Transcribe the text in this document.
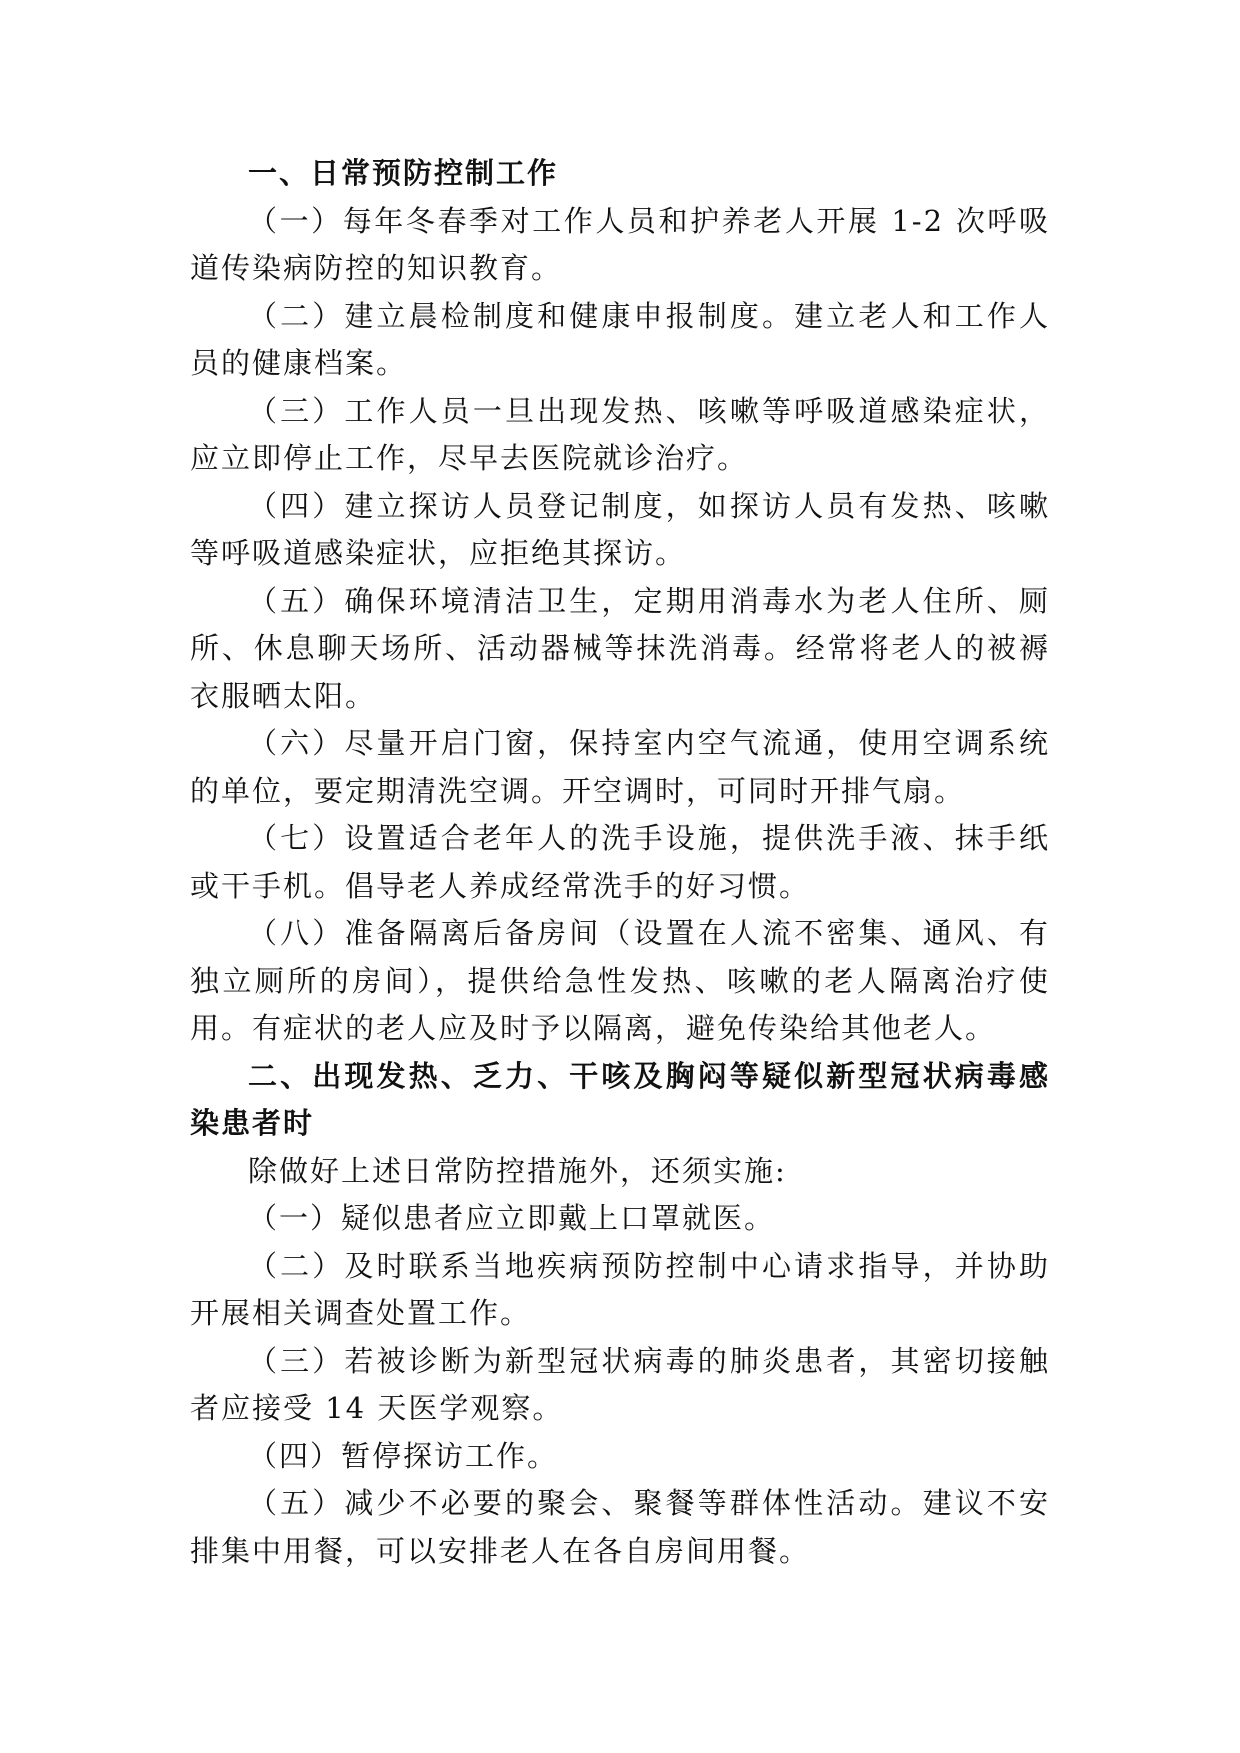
一、日常预防控制工作

（一）每年冬春季对工作人员和护养老人开展 1-2 次呼吸道传染病防控的知识教育。

（二）建立晨检制度和健康申报制度。建立老人和工作人员的健康档案。

（三）工作人员一旦出现发热、咳嗽等呼吸道感染症状，应立即停止工作，尽早去医院就诊治疗。

（四）建立探访人员登记制度，如探访人员有发热、咳嗽等呼吸道感染症状，应拒绝其探访。

（五）确保环境清洁卫生，定期用消毒水为老人住所、厕所、休息聊天场所、活动器械等抹洗消毒。经常将老人的被褥衣服晒太阳。

（六）尽量开启门窗，保持室内空气流通，使用空调系统的单位，要定期清洗空调。开空调时，可同时开排气扇。

（七）设置适合老年人的洗手设施，提供洗手液、抹手纸或干手机。倡导老人养成经常洗手的好习惯。

（八）准备隔离后备房间（设置在人流不密集、通风、有独立厕所的房间），提供给急性发热、咳嗽的老人隔离治疗使用。有症状的老人应及时予以隔离，避免传染给其他老人。

二、出现发热、乏力、干咳及胸闷等疑似新型冠状病毒感染患者时

除做好上述日常防控措施外，还须实施:

（一）疑似患者应立即戴上口罩就医。

（二）及时联系当地疾病预防控制中心请求指导，并协助开展相关调查处置工作。

（三）若被诊断为新型冠状病毒的肺炎患者，其密切接触者应接受 14 天医学观察。

（四）暂停探访工作。

（五）减少不必要的聚会、聚餐等群体性活动。建议不安排集中用餐，可以安排老人在各自房间用餐。
